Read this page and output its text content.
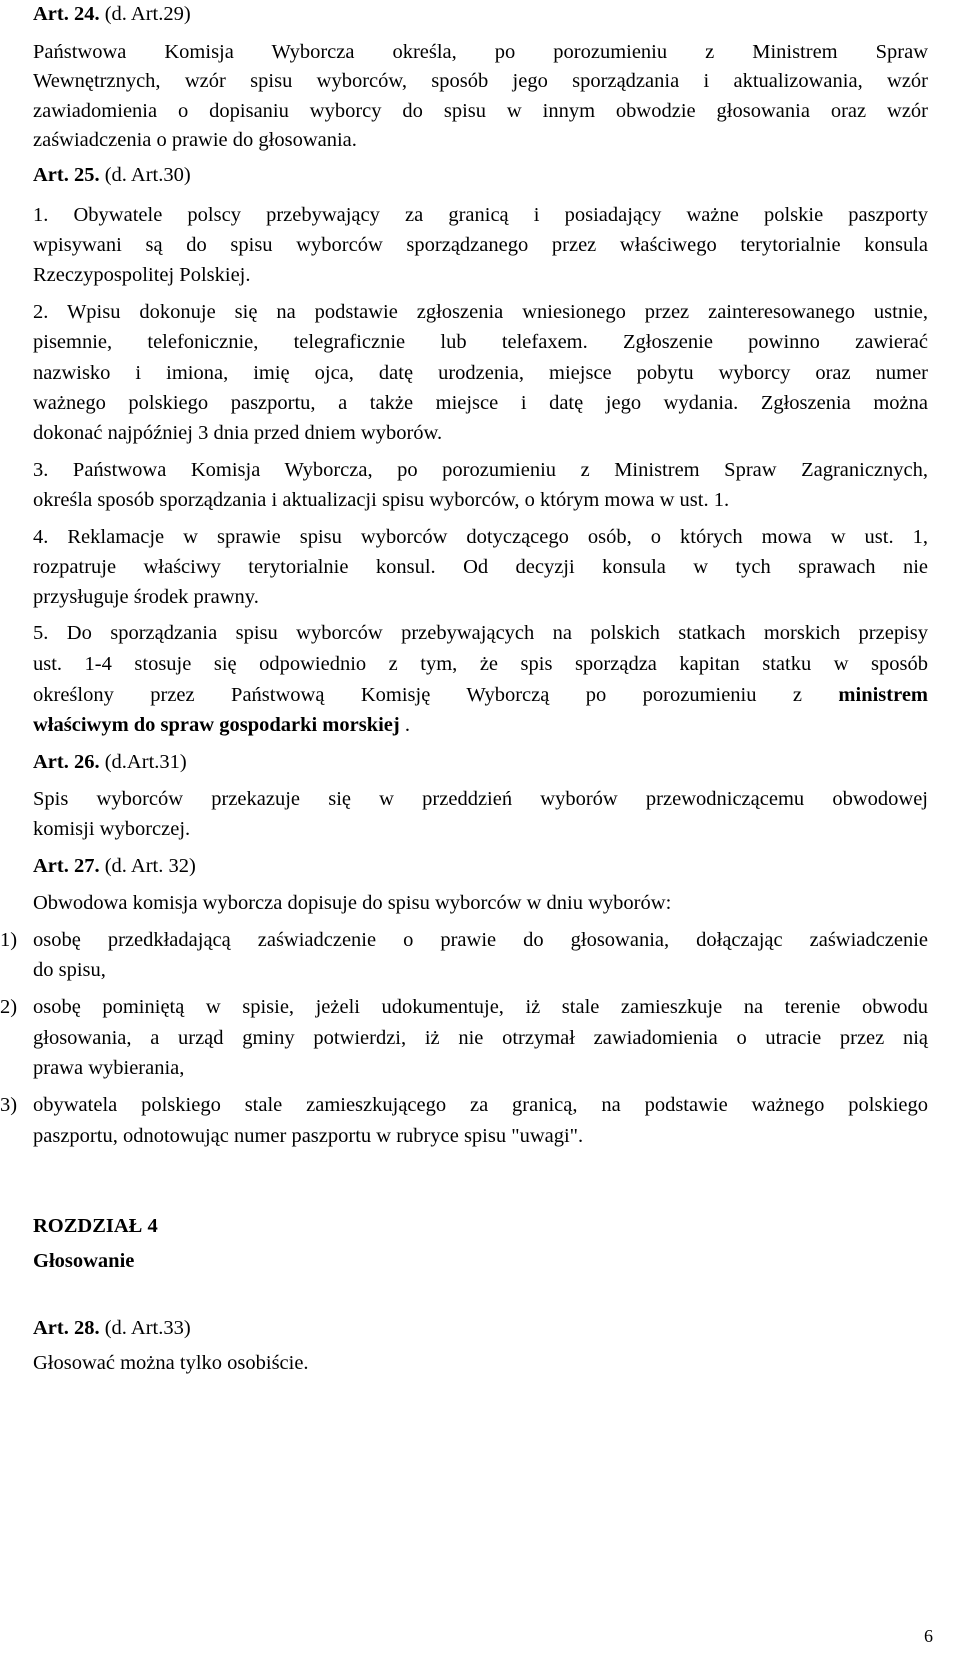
Art. 24. (d. Art.29)
Państwowa Komisja Wyborcza określa, po porozumieniu z Ministrem Spraw
Wewnętrznych, wzór spisu wyborców, sposób jego sporządzania i aktualizowania, wzór
zawiadomienia o dopisaniu wyborcy do spisu w innym obwodzie głosowania oraz wzór
zaświadczenia o prawie do głosowania.
Art. 25. (d. Art.30)
1. Obywatele polscy przebywający za granicą i posiadający ważne polskie paszporty
wpisywani są do spisu wyborców sporządzanego przez właściwego terytorialnie konsula
Rzeczypospolitej Polskiej.
2. Wpisu dokonuje się na podstawie zgłoszenia wniesionego przez zainteresowanego ustnie,
pisemnie, telefonicznie, telegraficznie lub telefaxem. Zgłoszenie powinno zawierać
nazwisko i imiona, imię ojca, datę urodzenia, miejsce pobytu wyborcy oraz numer
ważnego polskiego paszportu, a także miejsce i datę jego wydania. Zgłoszenia można
dokonać najpóźniej 3 dnia przed dniem wyborów.
3. Państwowa Komisja Wyborcza, po porozumieniu z Ministrem Spraw Zagranicznych,
określa sposób sporządzania i aktualizacji spisu wyborców, o którym mowa w ust. 1.
4. Reklamacje w sprawie spisu wyborców dotyczącego osób, o których mowa w ust. 1,
rozpatruje właściwy terytorialnie konsul. Od decyzji konsula w tych sprawach nie
przysługuje środek prawny.
5. Do sporządzania spisu wyborców przebywających na polskich statkach morskich przepisy
ust. 1-4 stosuje się odpowiednio z tym, że spis sporządza kapitan statku w sposób
określony przez Państwową Komisję Wyborczą po porozumieniu z ministrem
właściwym do spraw gospodarki morskiej .
Art. 26. (d.Art.31)
Spis wyborców przekazuje się w przeddzień wyborów przewodniczącemu obwodowej
komisji wyborczej.
Art. 27. (d. Art. 32)
Obwodowa komisja wyborcza dopisuje do spisu wyborców w dniu wyborów:
1) osobę przedkładającą zaświadczenie o prawie do głosowania, dołączając zaświadczenie
do spisu,
2) osobę pominiętą w spisie, jeżeli udokumentuje, iż stale zamieszkuje na terenie obwodu
głosowania, a urząd gminy potwierdzi, iż nie otrzymał zawiadomienia o utracie przez nią
prawa wybierania,
3) obywatela polskiego stale zamieszkującego za granicą, na podstawie ważnego polskiego
paszportu, odnotowując numer paszportu w rubryce spisu "uwagi".
ROZDZIAŁ 4
Głosowanie
Art. 28. (d. Art.33)
Głosować można tylko osobiście.
6
